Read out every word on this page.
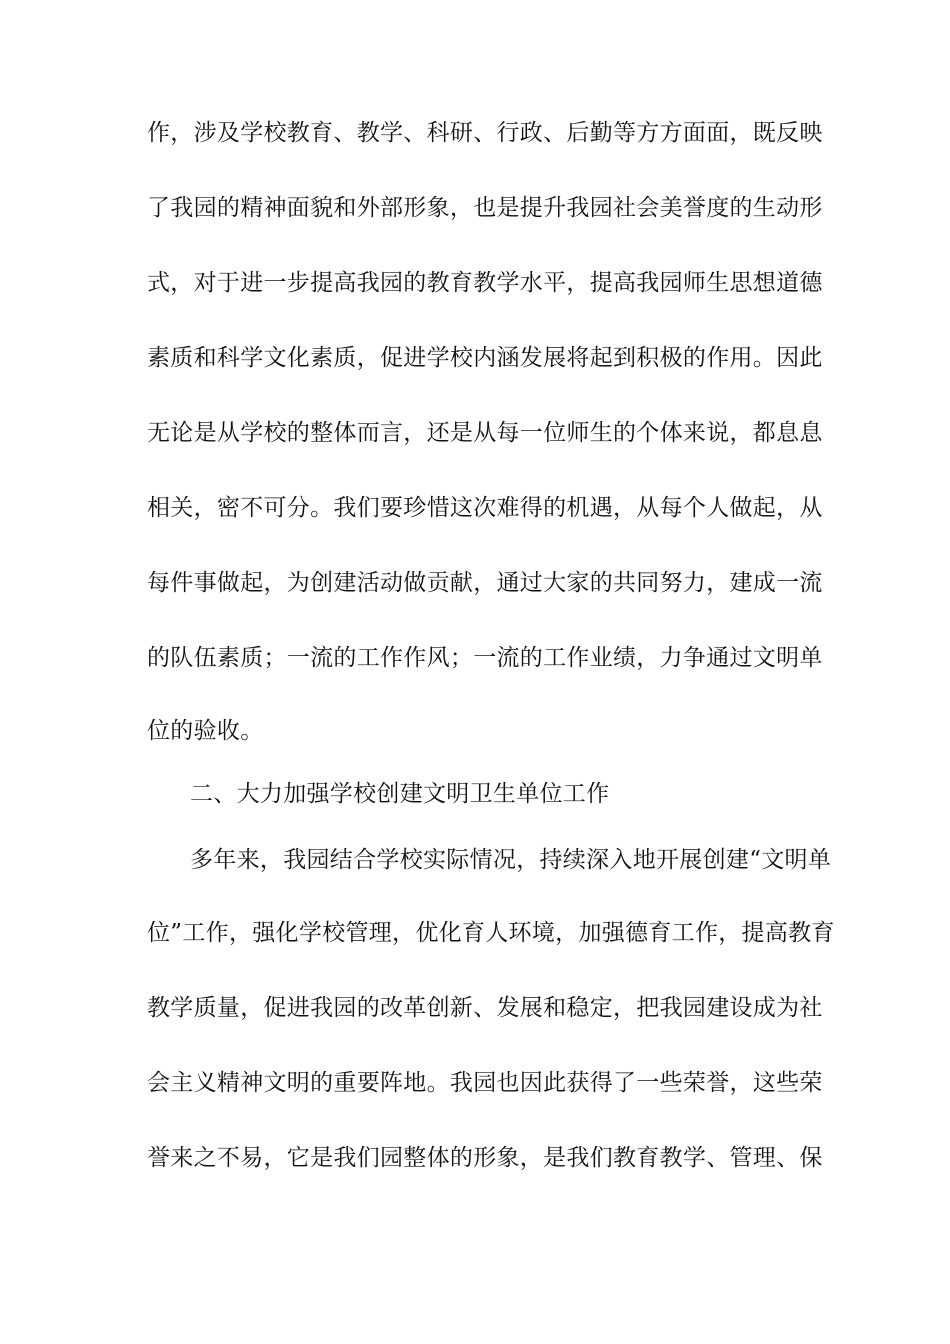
作，涉及学校教育、教学、科研、行政、后勤等方方面面，既反映
了我园的精神面貌和外部形象，也是提升我园社会美誉度的生动形
式，对于进一步提高我园的教育教学水平，提高我园师生思想道德
素质和科学文化素质，促进学校内涵发展将起到积极的作用。因此
无论是从学校的整体而言，还是从每一位师生的个体来说，都息息
相关，密不可分。我们要珍惜这次难得的机遇，从每个人做起，从
每件事做起，为创建活动做贡献，通过大家的共同努力，建成一流
的队伍素质；一流的工作作风；一流的工作业绩，力争通过文明单
位的验收。
二、大力加强学校创建文明卫生单位工作
多年来，我园结合学校实际情况，持续深入地开展创建“文明单
位”工作，强化学校管理，优化育人环境，加强德育工作，提高教育
教学质量，促进我园的改革创新、发展和稳定，把我园建设成为社
会主义精神文明的重要阵地。我园也因此获得了一些荣誉，这些荣
誉来之不易，它是我们园整体的形象，是我们教育教学、管理、保
